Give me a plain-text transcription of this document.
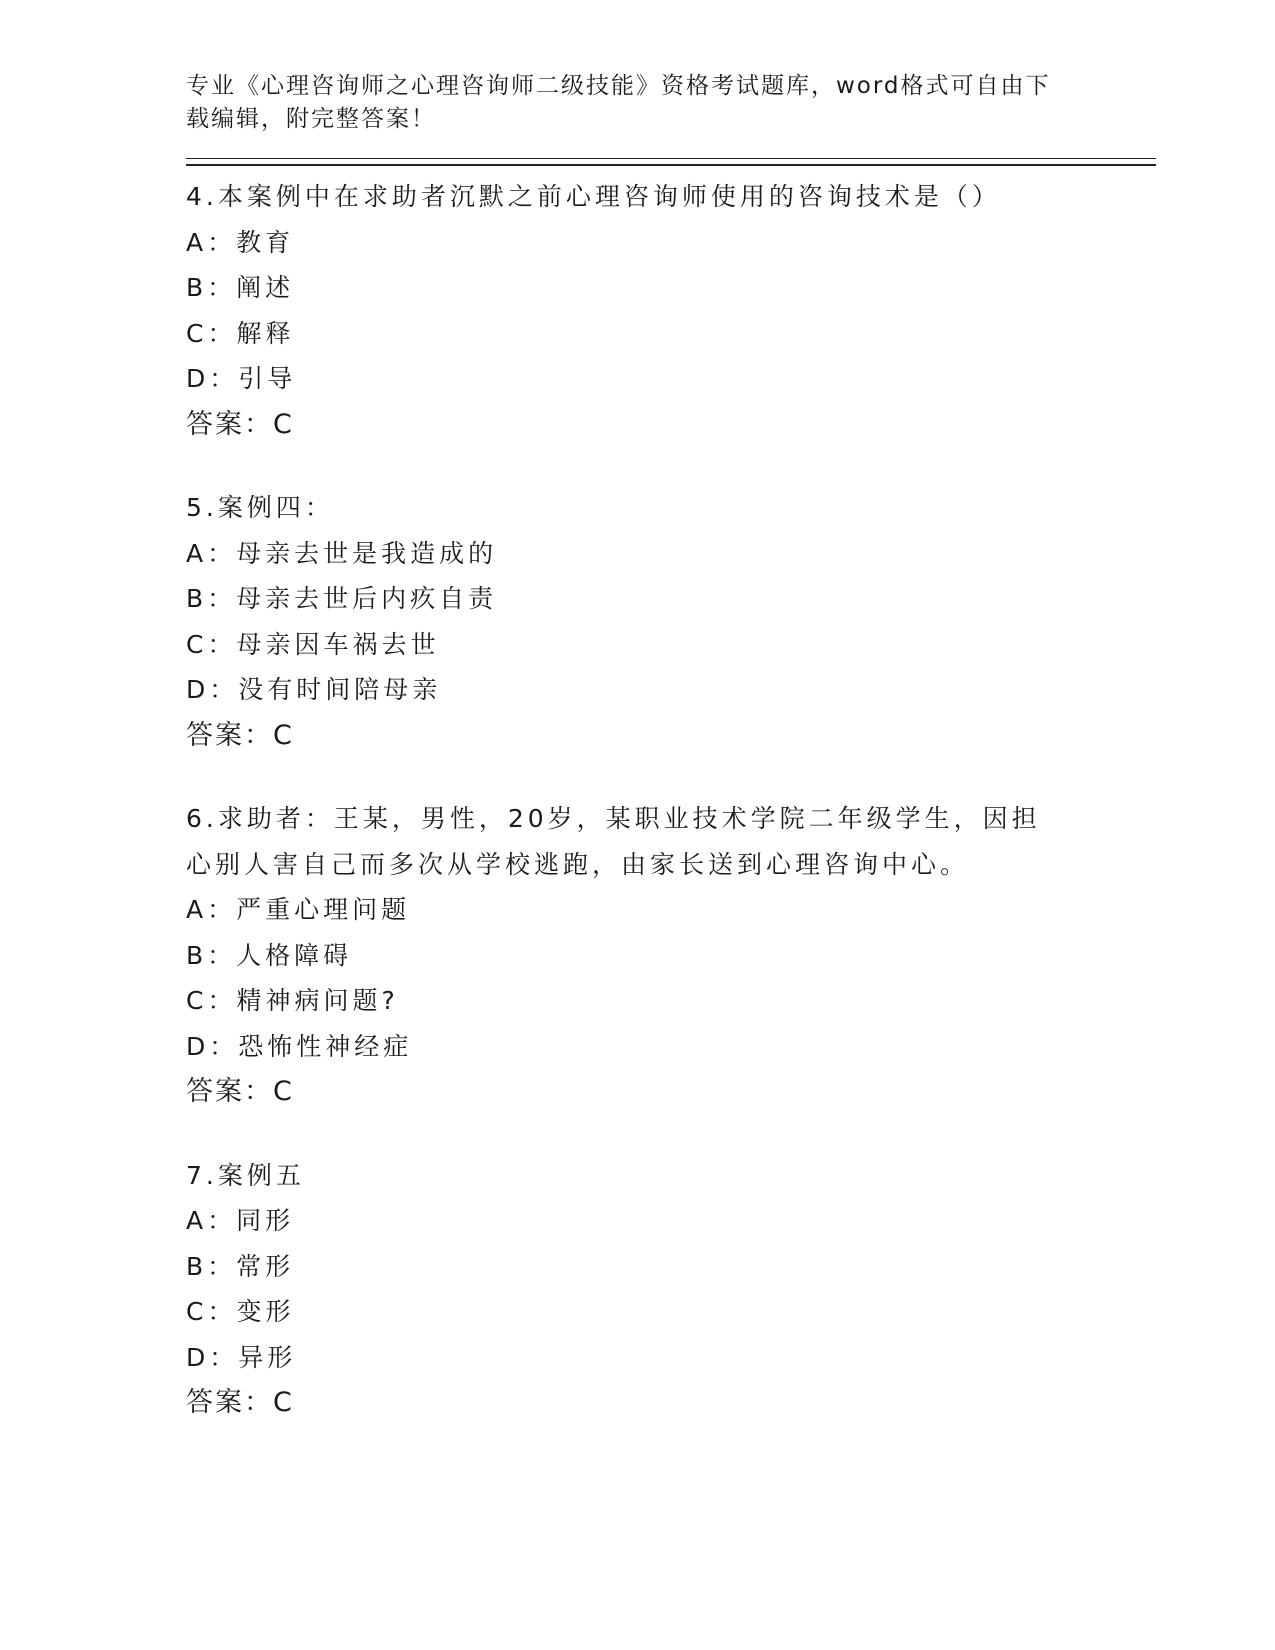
专业《心理咨询师之心理咨询师二级技能》资格考试题库，word格式可自由下载编辑，附完整答案！
4.本案例中在求助者沉默之前心理咨询师使用的咨询技术是（）
A：教育
B：阐述
C：解释
D：引导
答案：C
5.案例四：
A：母亲去世是我造成的
B：母亲去世后内疚自责
C：母亲因车祸去世
D：没有时间陪母亲
答案：C
6.求助者：王某，男性，20岁，某职业技术学院二年级学生，因担心别人害自己而多次从学校逃跑，由家长送到心理咨询中心。
A：严重心理问题
B：人格障碍
C：精神病问题?
D：恐怖性神经症
答案：C
7.案例五
A：同形
B：常形
C：变形
D：异形
答案：C
